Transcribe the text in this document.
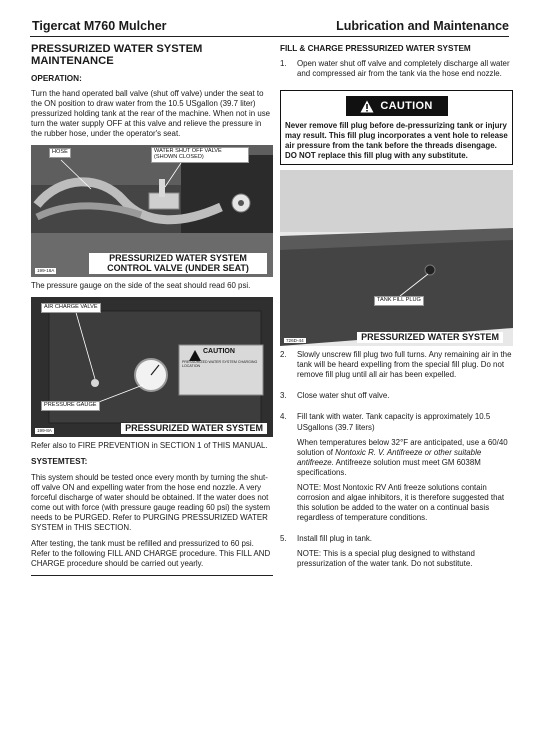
Tigercat M760 Mulcher	Lubrication and Maintenance
PRESSURIZED WATER SYSTEM MAINTENANCE
OPERATION:

Turn the hand operated ball valve (shut off valve) under the seat to the ON position to draw water from the 10.5 USgallon (39.7 liter) pressurized holding tank at the rear of the machine. When not in use turn the water supply OFF at this valve and relieve the pressure in the rubber hose, under the operator's seat.

HOSE	WATER SHUT OFF VALVE (SHOWN CLOSED)
PRESSURIZED WATER SYSTEM CONTROL VALVE (UNDER SEAT)
199-16A

The pressure gauge on the side of the seat should read 60 psi.

AIR CHARGE VALVE
PRESSURE GAUGE
CAUTION
PRESSURIZED WATER SYSTEM CHARGING LOCATION
PRESSURIZED WATER SYSTEM
199-8A

Refer also to FIRE PREVENTION in SECTION 1 of THIS MANUAL.

SYSTEMTEST:

This system should be tested once every month by turning the shut-off valve ON and expelling water from the hose end nozzle. A very forceful discharge of water should be obtained. If the water does not come out with force (with pressure gauge reading 60 psi) the system needs to be PURGED. Refer to PURGING PRESSURIZED WATER SYSTEM in THIS SECTION.

After testing, the tank must be refilled and pressurized to 60 psi. Refer to the following FILL AND CHARGE procedure. This FILL AND CHARGE procedure should be carried out yearly.

FILL & CHARGE PRESSURIZED WATER SYSTEM
1.	Open water shut off valve and completely discharge all water and compressed air from the tank via the hose end nozzle.

CAUTION
Never remove fill plug before de-pressurizing tank or injury may result. This fill plug incorporates a vent hole to release air pressure from the tank before the threads disengage. DO NOT replace this fill plug with any substitute.
TANK FILL PLUG
PRESSURIZED WATER SYSTEM
726D-44
2.	Slowly unscrew fill plug two full turns. Any remaining air in the tank will be heard expelling from the special fill plug. Do not remove fill plug until all air has been expelled.

3.	Close water shut off valve.

4.	Fill tank with water. Tank capacity is approximately 10.5 USgallons (39.7 liters)

When temperatures below 32°F are anticipated, use a 60/40 solution of Nontoxic R. V. Antifreeze or other suitable antifreeze. Antifreeze solution must meet GM 6038M specifications.

NOTE: Most Nontoxic RV Anti freeze solutions contain corrosion and algae inhibitors, it is therefore suggested that this solution be added to the water on a continual basis regardless of temperature conditions.

5.	Install fill plug in tank.

NOTE: This is a special plug designed to withstand pressurization of the water tank. Do not substitute.
